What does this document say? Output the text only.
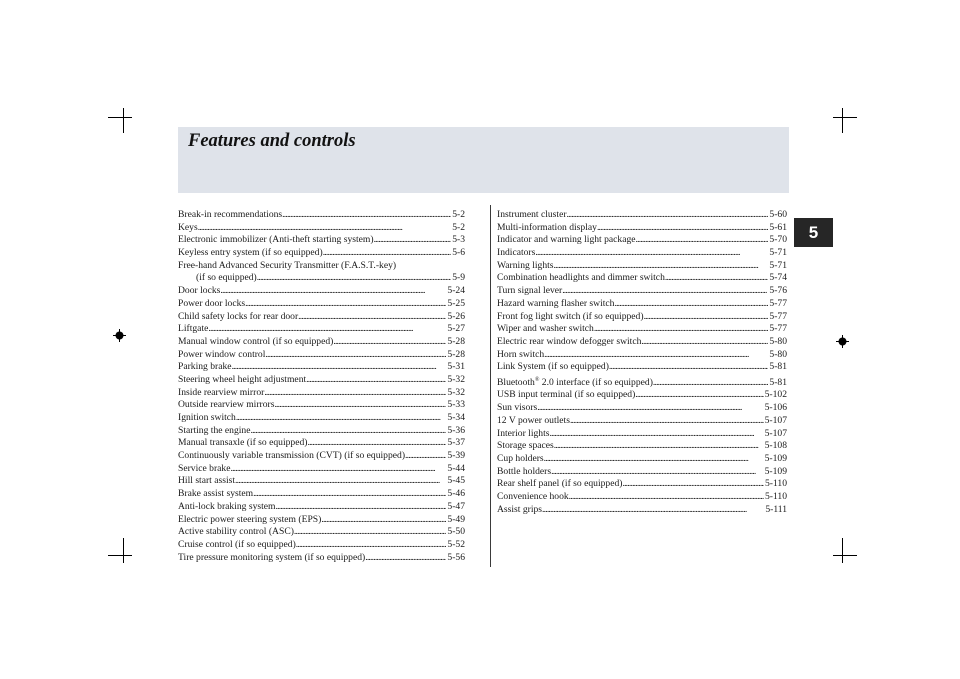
Features and controls
5
Break-in recommendations . . .	5-2
Keys . . .	5-2
Electronic immobilizer (Anti-theft starting system) . . .	5-3
Keyless entry system (if so equipped) . . .	5-6
Free-hand Advanced Security Transmitter (F.A.S.T.-key)
(if so equipped) . . .	5-9
Door locks . . .	5-24
Power door locks . . .	5-25
Child safety locks for rear door . . .	5-26
Liftgate . . .	5-27
Manual window control (if so equipped) . . .	5-28
Power window control . . .	5-28
Parking brake . . .	5-31
Steering wheel height adjustment . . .	5-32
Inside rearview mirror . . .	5-32
Outside rearview mirrors . . .	5-33
Ignition switch . . .	5-34
Starting the engine . . .	5-36
Manual transaxle (if so equipped) . . .	5-37
Continuously variable transmission (CVT) (if so equipped) . . .	5-39
Service brake . . .	5-44
Hill start assist . . .	5-45
Brake assist system . . .	5-46
Anti-lock braking system . . .	5-47
Electric power steering system (EPS) . . .	5-49
Active stability control (ASC) . . .	5-50
Cruise control (if so equipped) . . .	5-52
Tire pressure monitoring system (if so equipped) . . .	5-56
Instrument cluster . . .	5-60
Multi-information display . . .	5-61
Indicator and warning light package . . .	5-70
Indicators . . .	5-71
Warning lights . . .	5-71
Combination headlights and dimmer switch . . .	5-74
Turn signal lever . . .	5-76
Hazard warning flasher switch . . .	5-77
Front fog light switch (if so equipped) . . .	5-77
Wiper and washer switch . . .	5-77
Electric rear window defogger switch . . .	5-80
Horn switch . . .	5-80
Link System (if so equipped) . . .	5-81
Bluetooth® 2.0 interface (if so equipped) . . .	5-81
USB input terminal (if so equipped) . . .	5-102
Sun visors . . .	5-106
12 V power outlets . . .	5-107
Interior lights . . .	5-107
Storage spaces . . .	5-108
Cup holders . . .	5-109
Bottle holders . . .	5-109
Rear shelf panel (if so equipped) . . .	5-110
Convenience hook . . .	5-110
Assist grips . . .	5-111
